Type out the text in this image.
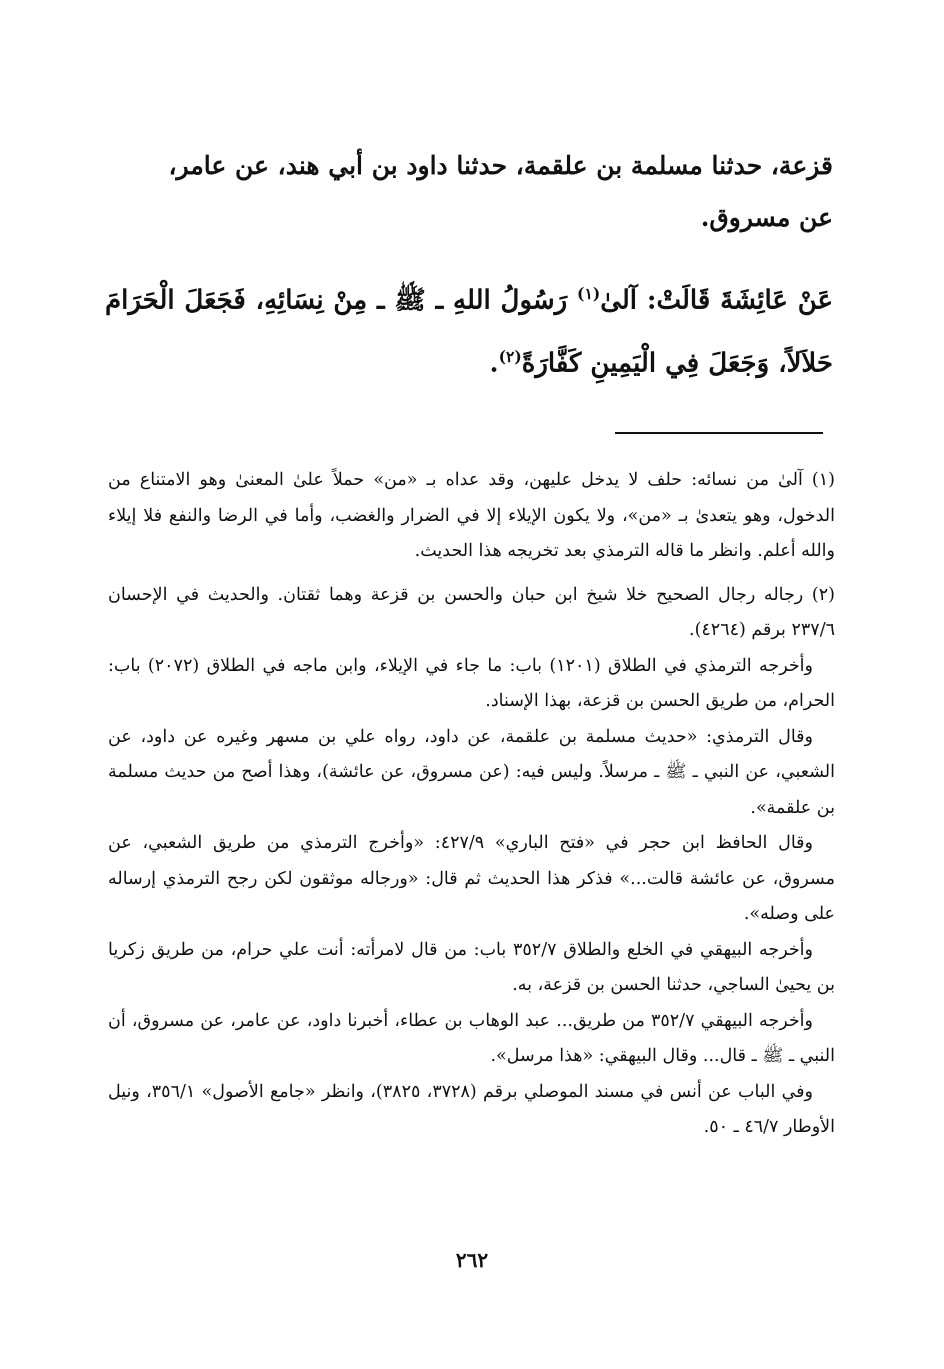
قزعة، حدثنا مسلمة بن علقمة، حدثنا داود بن أبي هند، عن عامر،

عن مسروق.

عَنْ عَائِشَةَ قَالَتْ: آلىٰ$^{(١)}$ رَسُولُ اللهِ ـ ﷺ ـ مِنْ نِسَائِهِ، فَجَعَلَ الْحَرَامَ حَلاَلاً، وَجَعَلَ فِي الْيَمِينِ كَفَّارَةً$^{(٢)}$.

(١) آلىٰ من نسائه: حلف لا يدخل عليهن، وقد عداه بـ «من» حملاً علىٰ المعنىٰ وهو الامتناع من الدخول، وهو يتعدىٰ بـ «من»، ولا يكون الإيلاء إلا في الضرار والغضب، وأما في الرضا والنفع فلا إيلاء والله أعلم. وانظر ما قاله الترمذي بعد تخريجه هذا الحديث.

(٢) رجاله رجال الصحيح خلا شيخ ابن حبان والحسن بن قزعة وهما ثقتان. والحديث في الإحسان ٢٣٧/٦ برقم (٤٢٦٤).

وأخرجه الترمذي في الطلاق (١٢٠١) باب: ما جاء في الإيلاء، وابن ماجه في الطلاق (٢٠٧٢) باب: الحرام، من طريق الحسن بن قزعة، بهذا الإسناد.

وقال الترمذي: «حديث مسلمة بن علقمة، عن داود، رواه علي بن مسهر وغيره عن داود، عن الشعبي، عن النبي ـ ﷺ ـ مرسلاً. وليس فيه: (عن مسروق، عن عائشة)، وهذا أصح من حديث مسلمة بن علقمة».

وقال الحافظ ابن حجر في «فتح الباري» ٤٢٧/٩: «وأخرج الترمذي من طريق الشعبي، عن مسروق، عن عائشة قالت...» فذكر هذا الحديث ثم قال: «ورجاله موثقون لكن رجح الترمذي إرساله على وصله».

وأخرجه البيهقي في الخلع والطلاق ٣٥٢/٧ باب: من قال لامرأته: أنت علي حرام، من طريق زكريا بن يحيىٰ الساجي، حدثنا الحسن بن قزعة، به.

وأخرجه البيهقي ٣٥٢/٧ من طريق... عبد الوهاب بن عطاء، أخبرنا داود، عن عامر، عن مسروق، أن النبي ـ ﷺ ـ قال... وقال البيهقي: «هذا مرسل».

وفي الباب عن أنس في مسند الموصلي برقم (٣٧٢٨، ٣٨٢٥)، وانظر «جامع الأصول» ٣٥٦/١، ونيل الأوطار ٤٦/٧ ـ ٥٠.

٢٦٢
